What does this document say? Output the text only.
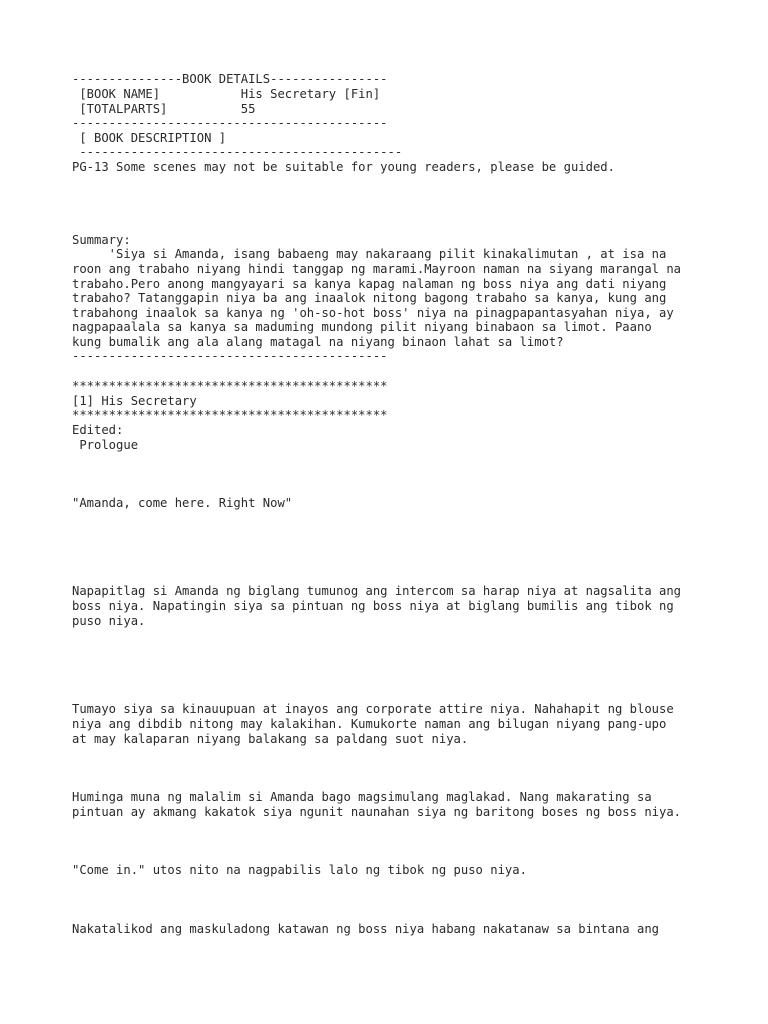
---------------BOOK DETAILS----------------

[BOOK NAME]           His Secretary [Fin]

[TOTALPARTS]          55

-------------------------------------------

[ BOOK DESCRIPTION ]

--------------------------------------------

PG-13 Some scenes may not be suitable for young readers, please be guided.

Summary:

'Siya si Amanda, isang babaeng may nakaraang pilit kinakalimutan , at isa na

roon ang trabaho niyang hindi tanggap ng marami.Mayroon naman na siyang marangal na

trabaho.Pero anong mangyayari sa kanya kapag nalaman ng boss niya ang dati niyang

trabaho? Tatanggapin niya ba ang inaalok nitong bagong trabaho sa kanya, kung ang

trabahong inaalok sa kanya ng 'oh-so-hot boss' niya na pinagpapantasyahan niya, ay

nagpapaalala sa kanya sa maduming mundong pilit niyang binabaon sa limot. Paano

kung bumalik ang ala alang matagal na niyang binaon lahat sa limot?

-------------------------------------------

*******************************************

[1] His Secretary

*******************************************

Edited:

Prologue

"Amanda, come here. Right Now"

Napapitlag si Amanda ng biglang tumunog ang intercom sa harap niya at nagsalita ang

boss niya. Napatingin siya sa pintuan ng boss niya at biglang bumilis ang tibok ng

puso niya.

Tumayo siya sa kinauupuan at inayos ang corporate attire niya. Nahahapit ng blouse

niya ang dibdib nitong may kalakihan. Kumukorte naman ang bilugan niyang pang-upo

at may kalaparan niyang balakang sa paldang suot niya.

Huminga muna ng malalim si Amanda bago magsimulang maglakad. Nang makarating sa

pintuan ay akmang kakatok siya ngunit naunahan siya ng baritong boses ng boss niya.

"Come in." utos nito na nagpabilis lalo ng tibok ng puso niya.

Nakatalikod ang maskuladong katawan ng boss niya habang nakatanaw sa bintana ang
